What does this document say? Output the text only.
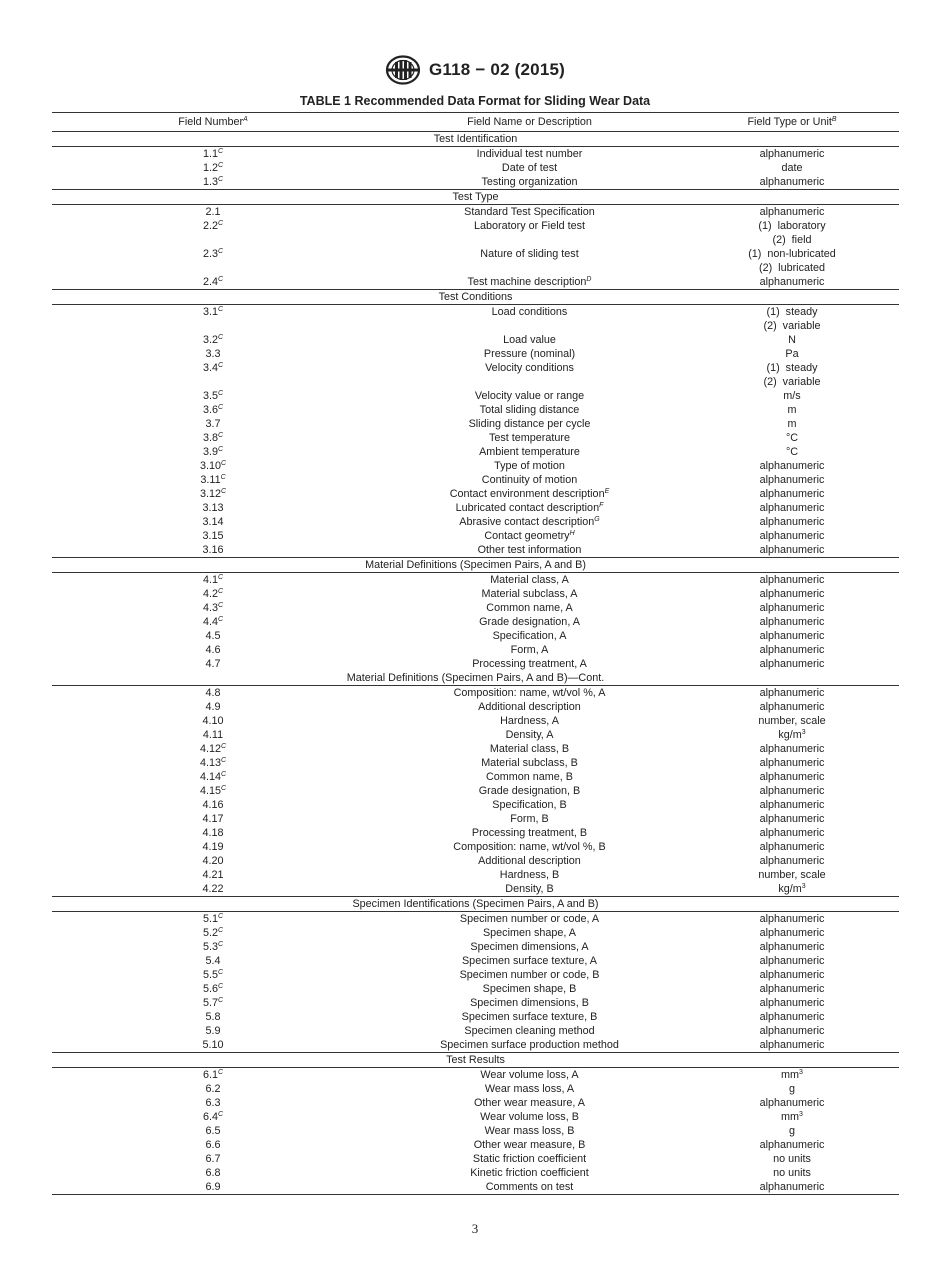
G118 − 02 (2015)
TABLE 1 Recommended Data Format for Sliding Wear Data
Field Number$^A$	Field Name or Description	Field Type or Unit$^B$
Test Identification		
$1.1^C$	Individual test number	alphanumeric

$1.2^C$	Date of test	date

$1.3^C$	Testing organization	alphanumeric

Test Type		
2.1	Standard Test Specification	alphanumeric

$2.2^C$	Laboratory or Field test	(1)  laboratory
(2)  field

$2.3^C$	Nature of sliding test	(1)  non-lubricated
(2)  lubricated

$2.4^C$	Test machine description$^D$	alphanumeric

Test Conditions		
$3.1^C$	Load conditions	(1)  steady
(2)  variable

$3.2^C$	Load value	N

3.3	Pressure (nominal)	Pa

$3.4^C$	Velocity conditions	(1)  steady
(2)  variable

$3.5^C$	Velocity value or range	m/s

$3.6^C$	Total sliding distance	m

3.7	Sliding distance per cycle	m

$3.8^C$	Test temperature	°C

$3.9^C$	Ambient temperature	°C

$3.10^C$	Type of motion	alphanumeric

$3.11^C$	Continuity of motion	alphanumeric

$3.12^C$	Contact environment description$^E$	alphanumeric

3.13	Lubricated contact description$^F$	alphanumeric

3.14	Abrasive contact description$^G$	alphanumeric

3.15	Contact geometry$^H$	alphanumeric

3.16	Other test information	alphanumeric

Material Definitions (Specimen Pairs, A and B)		
$4.1^C$	Material class, A	alphanumeric

$4.2^C$	Material subclass, A	alphanumeric

$4.3^C$	Common name, A	alphanumeric

$4.4^C$	Grade designation, A	alphanumeric

4.5	Specification, A	alphanumeric

4.6	Form, A	alphanumeric

4.7	Processing treatment, A	alphanumeric

Material Definitions (Specimen Pairs, A and B)—Cont.		
4.8	Composition: name, wt/vol %, A	alphanumeric

4.9	Additional description	alphanumeric

4.10	Hardness, A	number, scale

4.11	Density, A	$kg/m^3$

$4.12^C$	Material class, B	alphanumeric

$4.13^C$	Material subclass, B	alphanumeric

$4.14^C$	Common name, B	alphanumeric

$4.15^C$	Grade designation, B	alphanumeric

4.16	Specification, B	alphanumeric

4.17	Form, B	alphanumeric

4.18	Processing treatment, B	alphanumeric

4.19	Composition: name, wt/vol %, B	alphanumeric

4.20	Additional description	alphanumeric

4.21	Hardness, B	number, scale

4.22	Density, B	$kg/m^3$

Specimen Identifications (Specimen Pairs, A and B)		
$5.1^C$	Specimen number or code, A	alphanumeric

$5.2^C$	Specimen shape, A	alphanumeric

$5.3^C$	Specimen dimensions, A	alphanumeric

5.4	Specimen surface texture, A	alphanumeric

$5.5^C$	Specimen number or code, B	alphanumeric

$5.6^C$	Specimen shape, B	alphanumeric

$5.7^C$	Specimen dimensions, B	alphanumeric

5.8	Specimen surface texture, B	alphanumeric

5.9	Specimen cleaning method	alphanumeric

5.10	Specimen surface production method	alphanumeric

Test Results		
$6.1^C$	Wear volume loss, A	$mm^3$

6.2	Wear mass loss, A	g

6.3	Other wear measure, A	alphanumeric

$6.4^C$	Wear volume loss, B	$mm^3$

6.5	Wear mass loss, B	g

6.6	Other wear measure, B	alphanumeric

6.7	Static friction coefficient	no units

6.8	Kinetic friction coefficient	no units

6.9	Comments on test	alphanumeric
3
